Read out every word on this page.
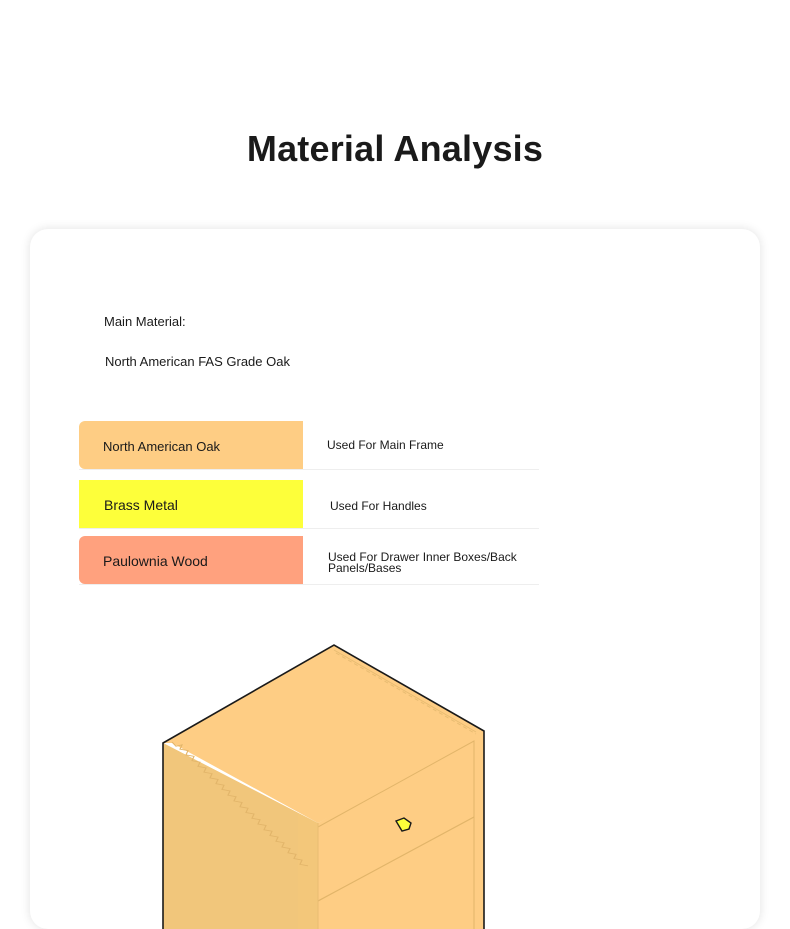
Material Analysis
Main Material:
North American FAS Grade Oak
North American Oak	Used For Main Frame
Brass Metal	Used For Handles
Paulownia Wood	Used For Drawer Inner Boxes/Back Panels/Bases
